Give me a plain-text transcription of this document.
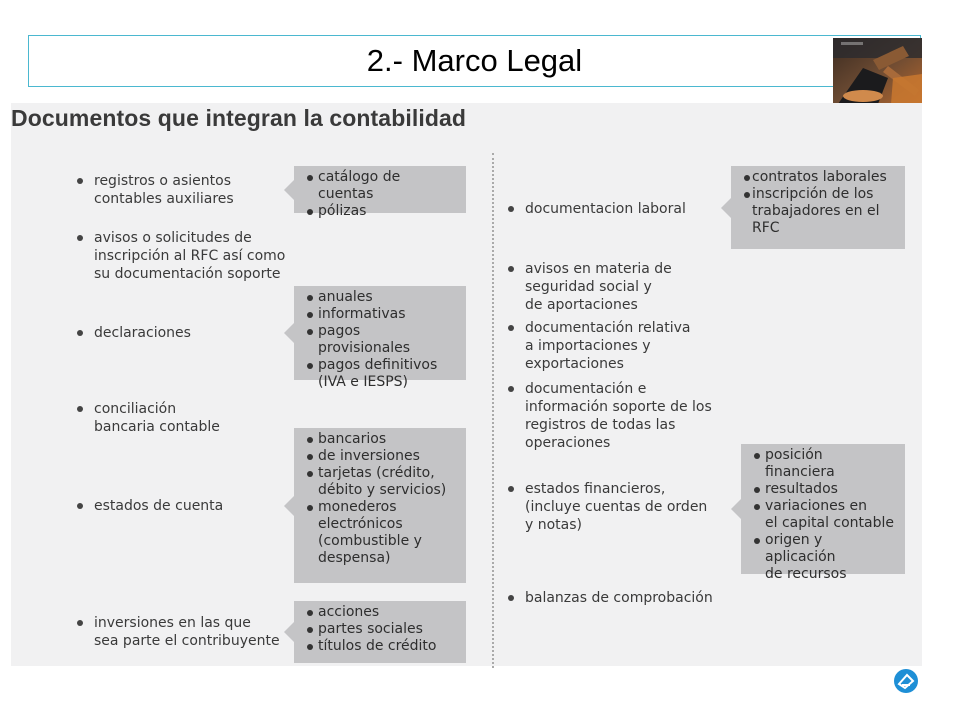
2.- Marco Legal
Documentos que integran la contabilidad
registros o asientos
contables auxiliares
avisos o solicitudes de
inscripción al RFC así como
su documentación soporte
declaraciones
conciliación
bancaria contable
estados de cuenta
inversiones en las que
sea parte el contribuyente
catálogo de cuentas
pólizas
anuales
informativas
pagos provisionales
pagos definitivos
(IVA e IESPS)
bancarios
de inversiones
tarjetas (crédito,
débito y servicios)
monederos
electrónicos
(combustible y
despensa)
acciones
partes sociales
títulos de crédito
documentacion laboral
avisos en materia de
seguridad social y
de aportaciones
documentación relativa
a importaciones y
exportaciones
documentación e
información soporte de los
registros de todas las
operaciones
estados financieros,
(incluye cuentas de orden
y notas)
balanzas de comprobación
contratos laborales
inscripción de los
trabajadores en el
RFC
posición financiera
resultados
variaciones en
el capital contable
origen y aplicación
de recursos
